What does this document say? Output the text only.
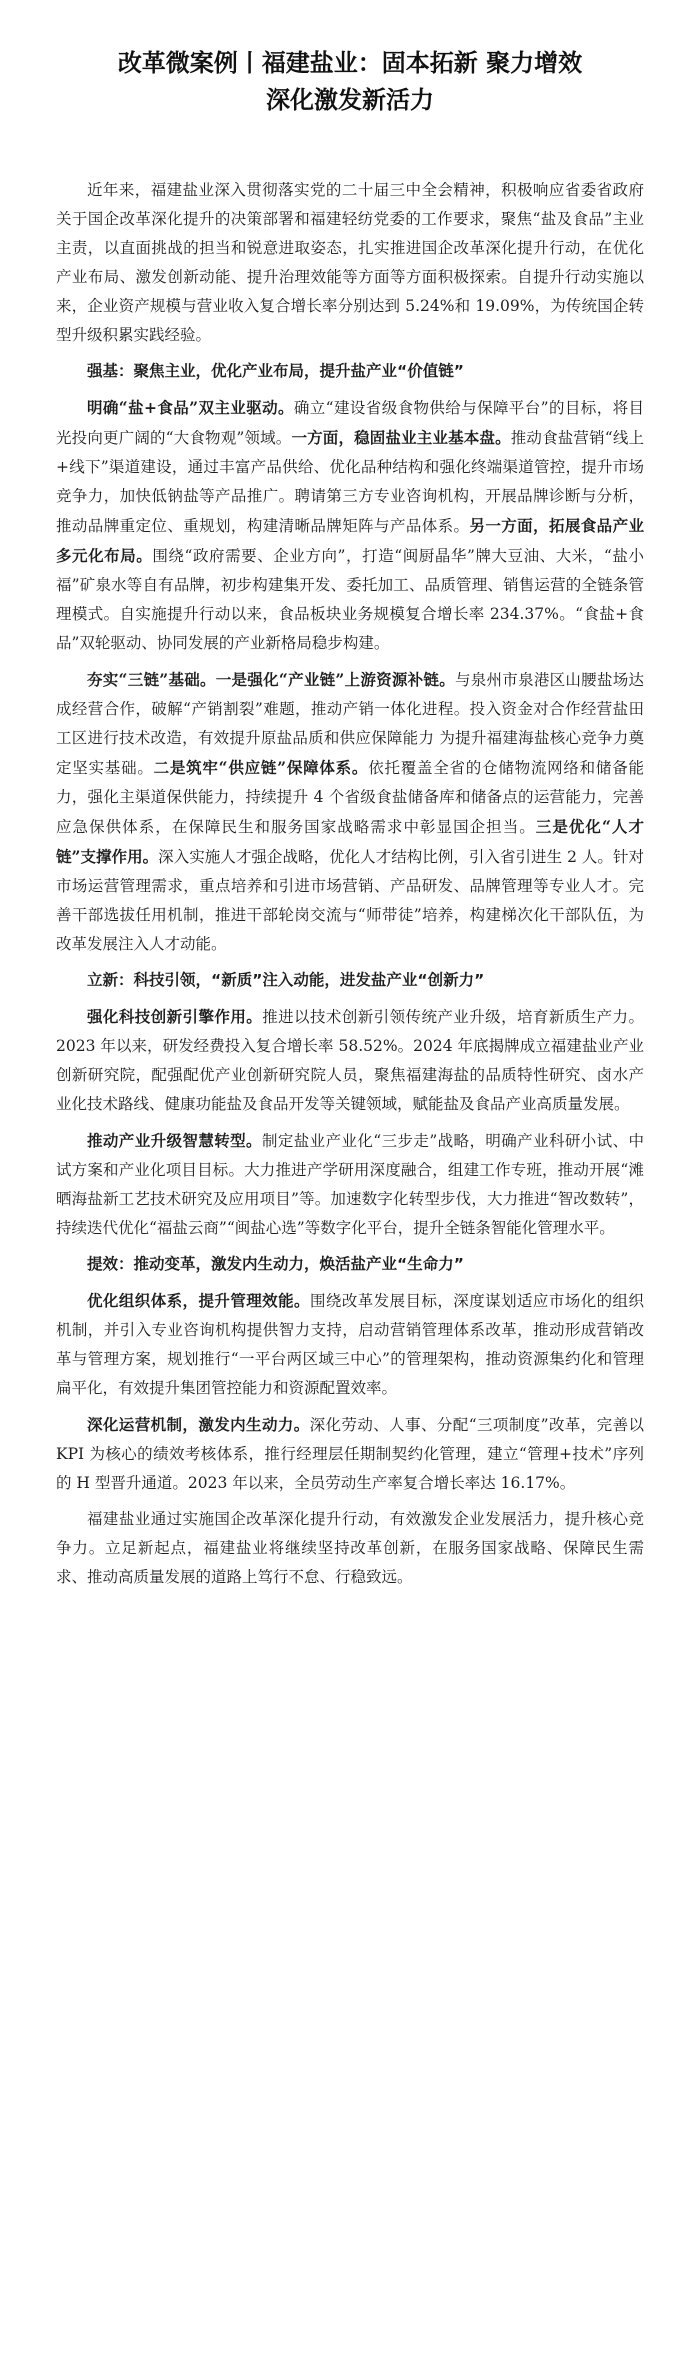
改革微案例丨福建盐业：固本拓新 聚力增效
深化激发新活力

近年来，福建盐业深入贯彻落实党的二十届三中全会精神，积极响应省委省政府关于国企改革深化提升的决策部署和福建轻纺党委的工作要求，聚焦“盐及食品”主业主责，以直面挑战的担当和锐意进取姿态，扎实推进国企改革深化提升行动，在优化产业布局、激发创新动能、提升治理效能等方面等方面积极探索。自提升行动实施以来，企业资产规模与营业收入复合增长率分别达到 5.24%和 19.09%，为传统国企转型升级积累实践经验。

强基：聚焦主业，优化产业布局，提升盐产业“价值链”

明确“盐+食品”双主业驱动。确立“建设省级食物供给与保障平台”的目标，将目光投向更广阔的“大食物观”领域。一方面，稳固盐业主业基本盘。推动食盐营销“线上+线下”渠道建设，通过丰富产品供给、优化品种结构和强化终端渠道管控，提升市场竞争力，加快低钠盐等产品推广。聘请第三方专业咨询机构，开展品牌诊断与分析，推动品牌重定位、重规划，构建清晰品牌矩阵与产品体系。另一方面，拓展食品产业多元化布局。围绕“政府需要、企业方向”，打造“闽厨晶华”牌大豆油、大米，“盐小福”矿泉水等自有品牌，初步构建集开发、委托加工、品质管理、销售运营的全链条管理模式。自实施提升行动以来，食品板块业务规模复合增长率 234.37%。“食盐+食品”双轮驱动、协同发展的产业新格局稳步构建。

夯实“三链”基础。一是强化“产业链”上游资源补链。与泉州市泉港区山腰盐场达成经营合作，破解“产销割裂”难题，推动产销一体化进程。投入资金对合作经营盐田工区进行技术改造，有效提升原盐品质和供应保障能力 为提升福建海盐核心竞争力奠定坚实基础。二是筑牢“供应链”保障体系。依托覆盖全省的仓储物流网络和储备能力，强化主渠道保供能力，持续提升 4 个省级食盐储备库和储备点的运营能力，完善应急保供体系，在保障民生和服务国家战略需求中彰显国企担当。三是优化“人才链”支撑作用。深入实施人才强企战略，优化人才结构比例，引入省引进生 2 人。针对市场运营管理需求，重点培养和引进市场营销、产品研发、品牌管理等专业人才。完善干部选拔任用机制，推进干部轮岗交流与“师带徒”培养，构建梯次化干部队伍，为改革发展注入人才动能。

立新：科技引领，“新质”注入动能，进发盐产业“创新力”

强化科技创新引擎作用。推进以技术创新引领传统产业升级，培育新质生产力。2023 年以来，研发经费投入复合增长率 58.52%。2024 年底揭牌成立福建盐业产业创新研究院，配强配优产业创新研究院人员，聚焦福建海盐的品质特性研究、卤水产业化技术路线、健康功能盐及食品开发等关键领域，赋能盐及食品产业高质量发展。

推动产业升级智慧转型。制定盐业产业化“三步走”战略，明确产业科研小试、中试方案和产业化项目目标。大力推进产学研用深度融合，组建工作专班，推动开展“滩晒海盐新工艺技术研究及应用项目”等。加速数字化转型步伐，大力推进“智改数转”，持续迭代优化“福盐云商”“闽盐心选”等数字化平台，提升全链条智能化管理水平。

提效：推动变革，激发内生动力，焕活盐产业“生命力”

优化组织体系，提升管理效能。围绕改革发展目标，深度谋划适应市场化的组织机制，并引入专业咨询机构提供智力支持，启动营销管理体系改革，推动形成营销改革与管理方案，规划推行“一平台两区域三中心”的管理架构，推动资源集约化和管理扁平化，有效提升集团管控能力和资源配置效率。

深化运营机制，激发内生动力。深化劳动、人事、分配“三项制度”改革，完善以 KPI 为核心的绩效考核体系，推行经理层任期制契约化管理，建立“管理+技术”序列的 H 型晋升通道。2023 年以来，全员劳动生产率复合增长率达 16.17%。

福建盐业通过实施国企改革深化提升行动，有效激发企业发展活力，提升核心竞争力。立足新起点，福建盐业将继续坚持改革创新，在服务国家战略、保障民生需求、推动高质量发展的道路上笃行不怠、行稳致远。
